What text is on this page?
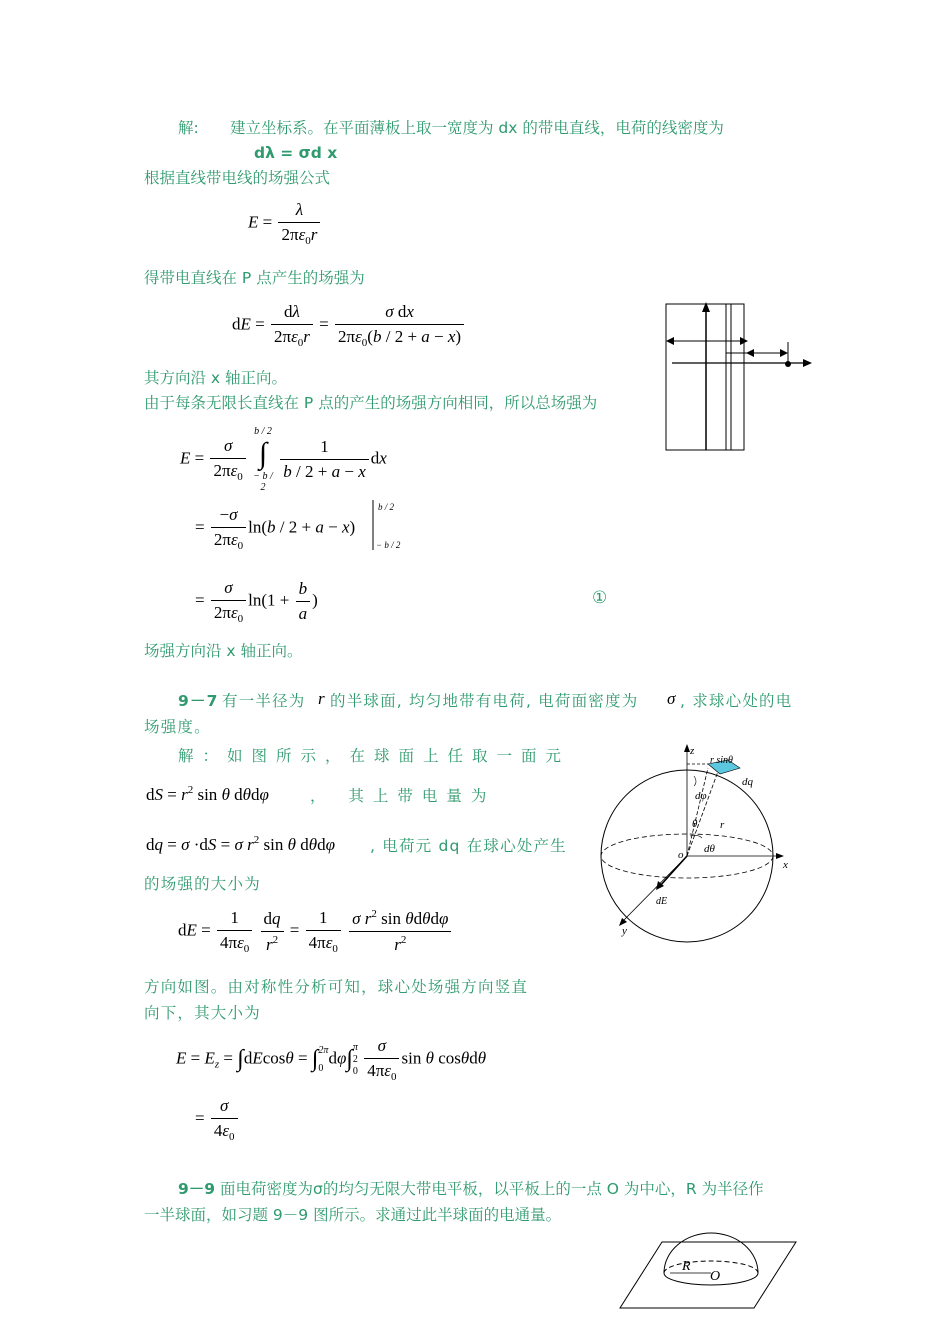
解: 建立坐标系。在平面薄板上取一宽度为 dx 的带电直线，电荷的线密度为
dλ = σd x
根据直线带电线的场强公式
$E = \frac{\lambda}{2\pi\varepsilon_0r}$
得带电直线在 P 点产生的场强为
dE = $\frac{d\lambda}{2\pi\varepsilon_0r} = \frac{\text{σ dx}}{2\pi\varepsilon_0(b / 2 + a - x)}$
其方向沿 x 轴正向。
由于每条无限长直线在 P 点的产生的场强方向相同，所以总场强为
$E = \frac{\sigma}{2\pi\varepsilon_0}$

b / 2
∫
− b / 2

$\frac{1}{b / 2 + a - x}$ dx
= $\frac{-\sigma}{2\pi\varepsilon_0} \ln(b / 2 + a - x)$
b / 2
− b / 2
= $\frac{\sigma}{2\pi\varepsilon_0} \ln(1 + \frac{b}{a}$ )	①
场强方向沿 x 轴正向。
9－7 有一半径为 r 的半球面, 均匀地带有电荷, 电荷面密度为 σ , 求球心处的电
场强度。
解：如图所示，在球面上任取一面元
dS = $r^2$ sin θ dθdφ	， 其上带电量为
dq = σ ·dS = σ $r^2$ sin θ dθdφ , 电荷元 dq 在球心处产生
的场强的大小为
dE = $\frac{1}{4\pi\varepsilon_0}$
$\frac{dq}{r^2} = \frac{1}{4\pi\varepsilon_0}$
$\frac{\sigma r^2 \sin \theta d\theta d\varphi}{r^2}$
方向如图。由对称性分析可知，球心处场强方向竖直
向下，其大小为
$E = E_z = \int dEcos\theta = \int 2\pi$
0dφ∫π
2
$0 \frac{\sigma}{4\pi\varepsilon_0}$ sin θ cosθdθ
= $\frac{\sigma}{4\varepsilon_0}$
z
x
y
o
dE
r sinθ
dq
dφ
θ r
dθ
9－9 面电荷密度为σ的均匀无限大带电平板，以平板上的一点 O 为中心，R 为半径作
一半球面，如习题 9－9 图所示。求通过此半球面的电通量。
R
O
